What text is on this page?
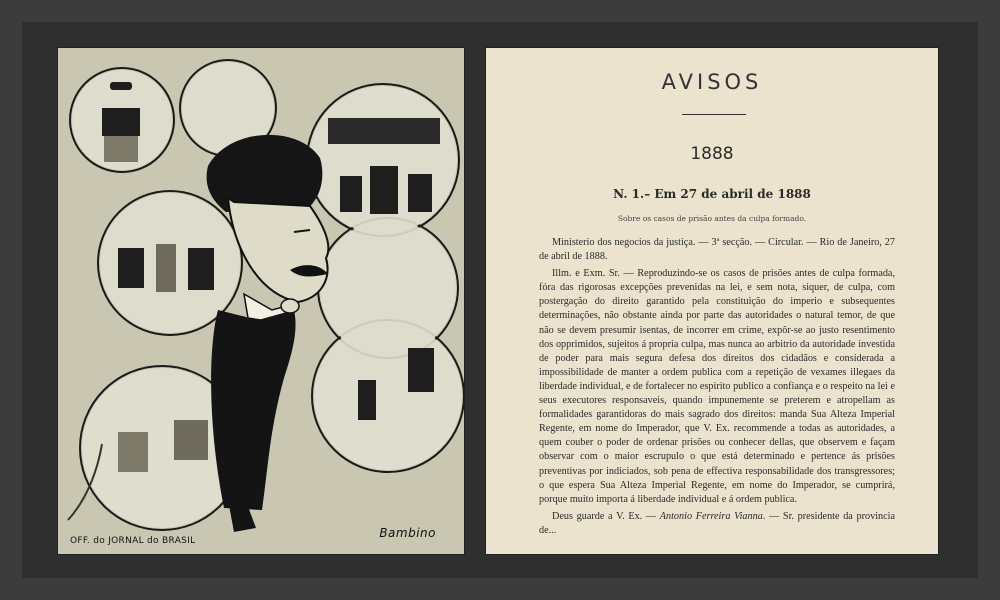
OFF. do JORNAL do BRASIL
Bambino
AVISOS
1888
N. 1.– Em 27 de abril de 1888
Sobre os casos de prisão antes da culpa formado.

Ministerio dos negocios da justiça. — 3ª secção. — Circular. — Rio de Janeiro, 27 de abril de 1888.

Illm. e Exm. Sr. — Reproduzindo-se os casos de prisões antes de culpa formada, fóra das rigorosas excepções prevenidas na lei, e sem nota, siquer, de culpa, com postergação do direito garantido pela constituição do imperio e subsequentes determinações, não obstante ainda por parte das autoridades o natural temor, de que não se devem presumir isentas, de incorrer em crime, expôr-se ao justo resentimento dos opprimidos, sujeitos á propria culpa, mas nunca ao arbitrio da autoridade investida de poder para mais segura defesa dos direitos dos cidadãos e considerada a impossibilidade de manter a ordem publica com a repetição de vexames illegaes da liberdade individual, e de fortalecer no espirito publico a confiança e o respeito na lei e seus executores responsaveis, quando impunemente se preterem e atropellam as formalidades garantidoras do mais sagrado dos direitos: manda Sua Alteza Imperial Regente, em nome do Imperador, que V. Ex. recommende a todas as autoridades, a quem couber o poder de ordenar prisões ou conhecer dellas, que observem e façam observar com o maior escrupulo o que está determinado e pertence ás prisões preventivas por indiciados, sob pena de effectiva responsabilidade dos transgressores; o que espera Sua Alteza Imperial Regente, em nome do Imperador, se cumprirá, porque muito importa á liberdade individual e á ordem publica.

Deus guarde a V. Ex. — Antonio Ferreira Vianna. — Sr. presidente da provincia de...
